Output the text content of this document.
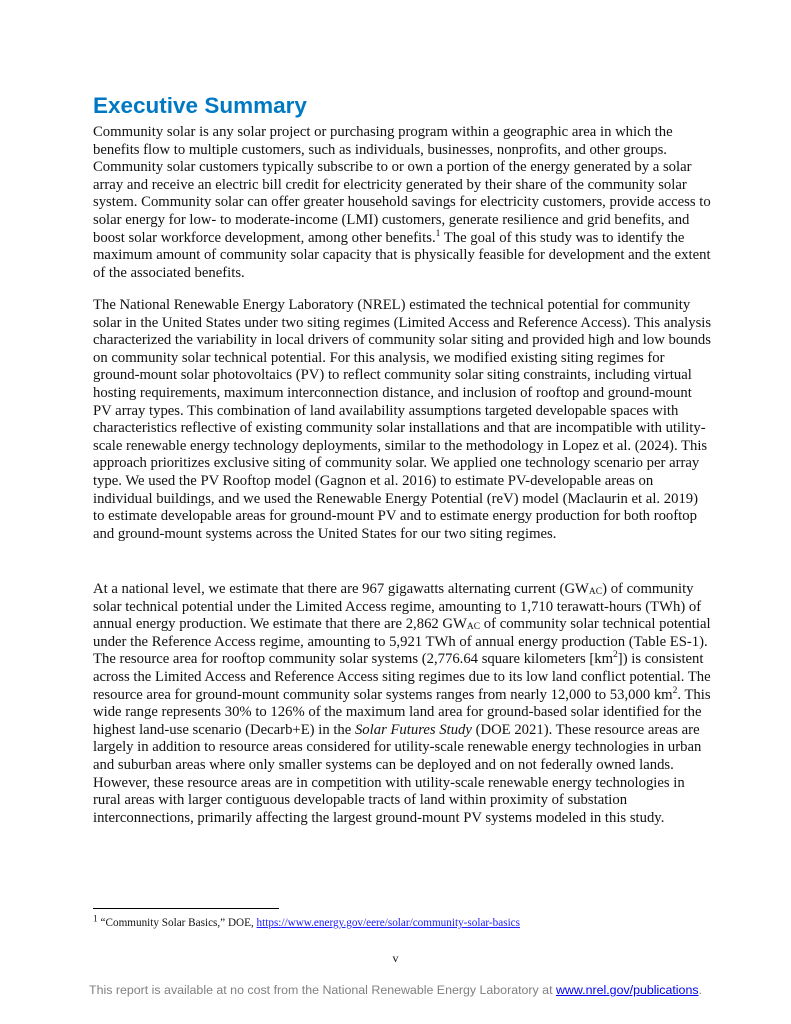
Executive Summary

Community solar is any solar project or purchasing program within a geographic area in which the benefits flow to multiple customers, such as individuals, businesses, nonprofits, and other groups. Community solar customers typically subscribe to or own a portion of the energy generated by a solar array and receive an electric bill credit for electricity generated by their share of the community solar system. Community solar can offer greater household savings for electricity customers, provide access to solar energy for low- to moderate-income (LMI) customers, generate resilience and grid benefits, and boost solar workforce development, among other benefits.$^1$ The goal of this study was to identify the maximum amount of community solar capacity that is physically feasible for development and the extent of the associated benefits.

The National Renewable Energy Laboratory (NREL) estimated the technical potential for community solar in the United States under two siting regimes (Limited Access and Reference Access). This analysis characterized the variability in local drivers of community solar siting and provided high and low bounds on community solar technical potential. For this analysis, we modified existing siting regimes for ground-mount solar photovoltaics (PV) to reflect community solar siting constraints, including virtual hosting requirements, maximum interconnection distance, and inclusion of rooftop and ground-mount PV array types. This combination of land availability assumptions targeted developable spaces with characteristics reflective of existing community solar installations and that are incompatible with utility-scale renewable energy technology deployments, similar to the methodology in Lopez et al. (2024). This approach prioritizes exclusive siting of community solar. We applied one technology scenario per array type. We used the PV Rooftop model (Gagnon et al. 2016) to estimate PV-developable areas on individual buildings, and we used the Renewable Energy Potential (reV) model (Maclaurin et al. 2019) to estimate developable areas for ground-mount PV and to estimate energy production for both rooftop and ground-mount systems across the United States for our two siting regimes.

At a national level, we estimate that there are 967 gigawatts alternating current $(GW_{AC})$ of community solar technical potential under the Limited Access regime, amounting to 1,710 terawatt-hours (TWh) of annual energy production. We estimate that there are 2,862 $GW_{AC}$ of community solar technical potential under the Reference Access regime, amounting to 5,921 TWh of annual energy production (Table ES-1). The resource area for rooftop community solar systems (2,776.64 square kilometers $[km^2]$) is consistent across the Limited Access and Reference Access siting regimes due to its low land conflict potential. The resource area for ground-mount community solar systems ranges from nearly 12,000 to 53,000 $km^2$. This wide range represents 30% to 126% of the maximum land area for ground-based solar identified for the highest land-use scenario (Decarb+E) in the Solar Futures Study (DOE 2021). These resource areas are largely in addition to resource areas considered for utility-scale renewable energy technologies in urban and suburban areas where only smaller systems can be deployed and on not federally owned lands. However, these resource areas are in competition with utility-scale renewable energy technologies in rural areas with larger contiguous developable tracts of land within proximity of substation interconnections, primarily affecting the largest ground-mount PV systems modeled in this study.

$^1$ “Community Solar Basics,” DOE, https://www.energy.gov/eere/solar/community-solar-basics

v
This report is available at no cost from the National Renewable Energy Laboratory at www.nrel.gov/publications.
